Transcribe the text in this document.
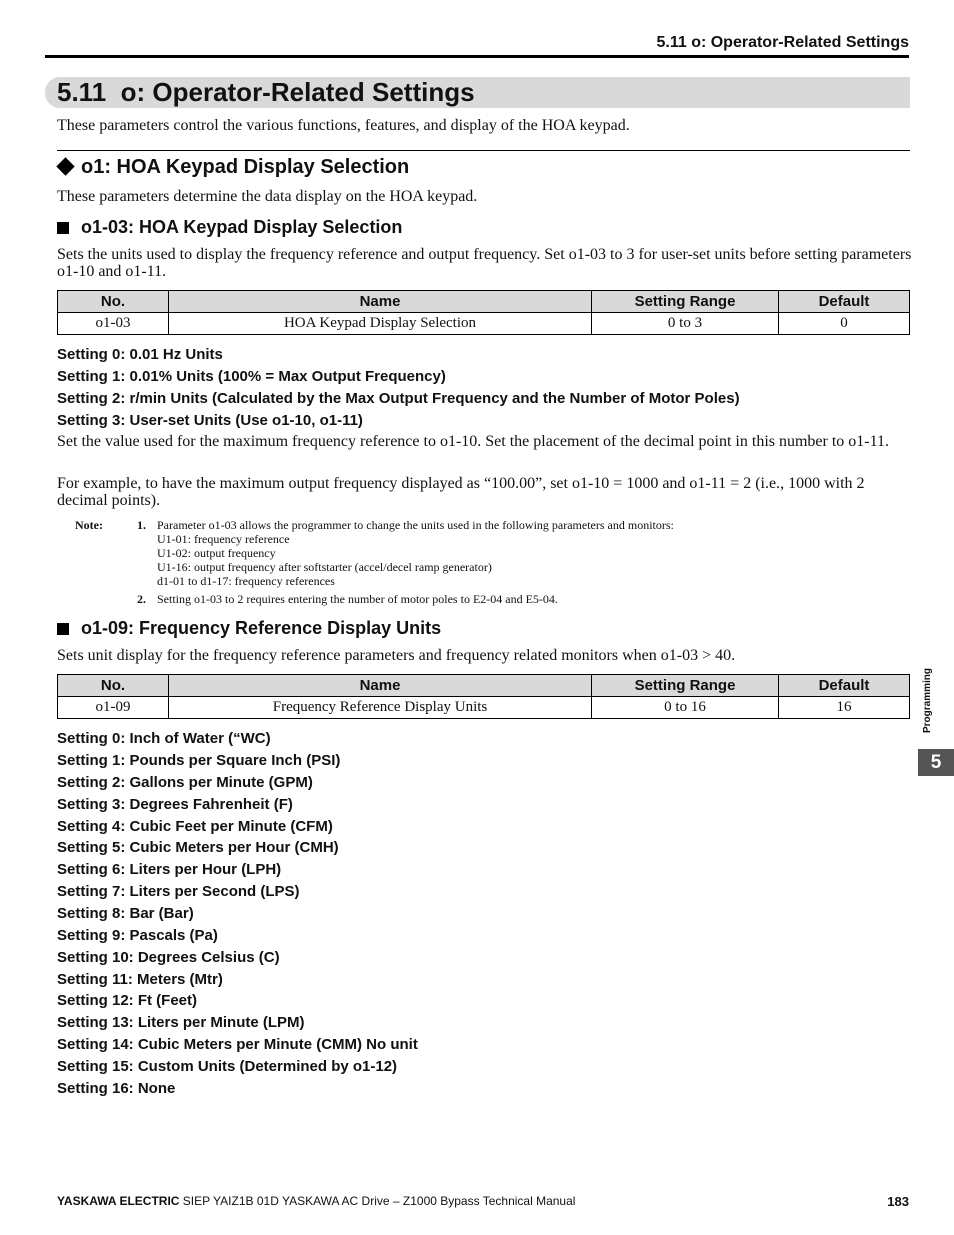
5.11 o: Operator-Related Settings
5.11  o: Operator-Related Settings
These parameters control the various functions, features, and display of the HOA keypad.
o1: HOA Keypad Display Selection
These parameters determine the data display on the HOA keypad.
o1-03: HOA Keypad Display Selection
Sets the units used to display the frequency reference and output frequency. Set o1-03 to 3 for user-set units before setting parameters o1-10 and o1-11.
No.	Name	Setting Range	Default
o1-03	HOA Keypad Display Selection	0 to 3	0
Setting 0: 0.01 Hz Units
Setting 1: 0.01% Units (100% = Max Output Frequency)
Setting 2: r/min Units (Calculated by the Max Output Frequency and the Number of Motor Poles)
Setting 3: User-set Units (Use o1-10, o1-11)
Set the value used for the maximum frequency reference to o1-10. Set the placement of the decimal point in this number to o1-11.
For example, to have the maximum output frequency displayed as “100.00”, set o1-10 = 1000 and o1-11 = 2 (i.e., 1000 with 2 decimal points).
Note:	1. Parameter o1-03 allows the programmer to change the units used in the following parameters and monitors:
U1-01: frequency reference
U1-02: output frequency
U1-16: output frequency after softstarter (accel/decel ramp generator)
d1-01 to d1-17: frequency references
2. Setting o1-03 to 2 requires entering the number of motor poles to E2-04 and E5-04.
o1-09: Frequency Reference Display Units
Sets unit display for the frequency reference parameters and frequency related monitors when o1-03 > 40.
No.	Name	Setting Range	Default
o1-09	Frequency Reference Display Units	0 to 16	16
Setting 0: Inch of Water (“WC)
Setting 1: Pounds per Square Inch (PSI)
Setting 2: Gallons per Minute (GPM)
Setting 3: Degrees Fahrenheit (F)
Setting 4: Cubic Feet per Minute (CFM)
Setting 5: Cubic Meters per Hour (CMH)
Setting 6: Liters per Hour (LPH)
Setting 7: Liters per Second (LPS)
Setting 8: Bar (Bar)
Setting 9: Pascals (Pa)
Setting 10: Degrees Celsius (C)
Setting 11: Meters (Mtr)
Setting 12: Ft (Feet)
Setting 13: Liters per Minute (LPM)
Setting 14: Cubic Meters per Minute (CMM) No unit
Setting 15: Custom Units (Determined by o1-12)
Setting 16: None
Programming
5
YASKAWA ELECTRIC SIEP YAIZ1B 01D YASKAWA AC Drive – Z1000 Bypass Technical Manual	183
